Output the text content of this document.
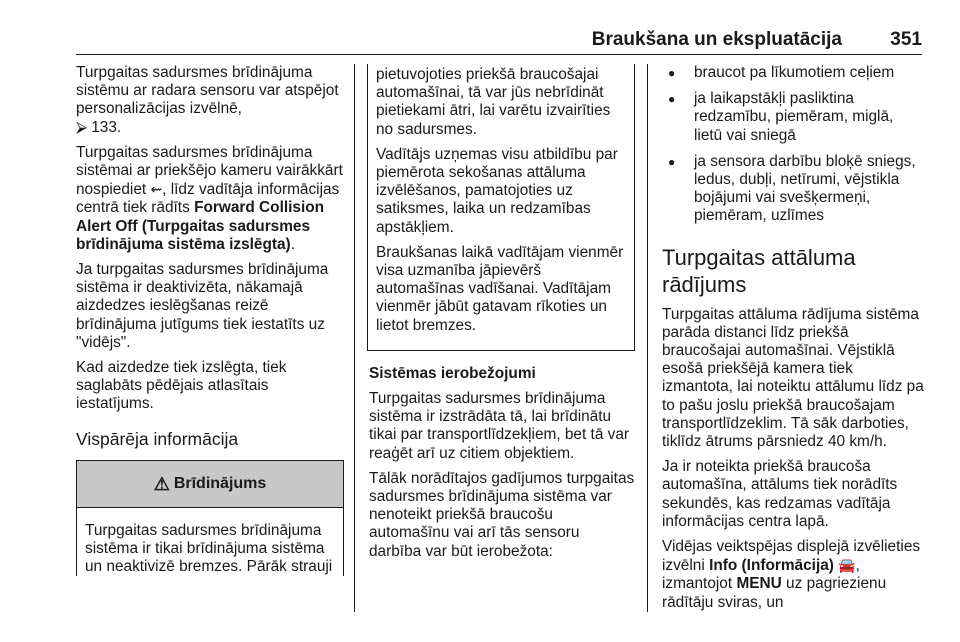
Braukšana un ekspluatācija	351

Turpgaitas sadursmes brīdinājuma sistēmu ar radara sensoru var atspējot personalizācijas izvēlnē,
⮚ 133.

Turpgaitas sadursmes brīdinājuma sistēmai ar priekšējo kameru vairākkārt nospiediet ⇜, līdz vadītāja informācijas centrā tiek rādīts Forward Collision Alert Off (Turpgaitas sadursmes brīdinājuma sistēma izslēgta).

Ja turpgaitas sadursmes brīdinājuma sistēma ir deaktivizēta, nākamajā aizdedzes ieslēgšanas reizē brīdinājuma jutīgums tiek iestatīts uz "vidējs".

Kad aizdedze tiek izslēgta, tiek saglabāts pēdējais atlasītais iestatījums.

Vispārēja informācija

⚠ Brīdinājums
Turpgaitas sadursmes brīdinājuma sistēma ir tikai brīdinājuma sistēma un neaktivizē bremzes. Pārāk strauji

pietuvojoties priekšā braucošajai automašīnai, tā var jūs nebrīdināt pietiekami ātri, lai varētu izvairīties no sadursmes.

Vadītājs uzņemas visu atbildību par piemērota sekošanas attāluma izvēlēšanos, pamatojoties uz satiksmes, laika un redzamības apstākļiem.

Braukšanas laikā vadītājam vienmēr visa uzmanība jāpievērš automašīnas vadīšanai. Vadītājam vienmēr jābūt gatavam rīkoties un lietot bremzes.

Sistēmas ierobežojumi

Turpgaitas sadursmes brīdinājuma sistēma ir izstrādāta tā, lai brīdinātu tikai par transportlīdzekļiem, bet tā var reaģēt arī uz citiem objektiem.

Tālāk norādītajos gadījumos turpgaitas sadursmes brīdinājuma sistēma var nenoteikt priekšā braucošu automašīnu vai arī tās sensoru darbība var būt ierobežota:

● braucot pa līkumotiem ceļiem
● ja laikapstākļi pasliktina redzamību, piemēram, miglā, lietū vai sniegā
● ja sensora darbību bloķē sniegs, ledus, dubļi, netīrumi, vējstikla bojājumi vai svešķermeņi, piemēram, uzlīmes

Turpgaitas attāluma rādījums

Turpgaitas attāluma rādījuma sistēma parāda distanci līdz priekšā braucošajai automašīnai. Vējstiklā esošā priekšējā kamera tiek izmantota, lai noteiktu attālumu līdz pa to pašu joslu priekšā braucošajam transportlīdzeklim. Tā sāk darboties, tiklīdz ātrums pārsniedz 40 km/h.

Ja ir noteikta priekšā braucoša automašīna, attālums tiek norādīts sekundēs, kas redzamas vadītāja informācijas centra lapā.

Vidējas veiktspējas displejā izvēlieties izvēlni Info (Informācija) 🚘, izmantojot MENU uz pagriezienu rādītāju sviras, un
